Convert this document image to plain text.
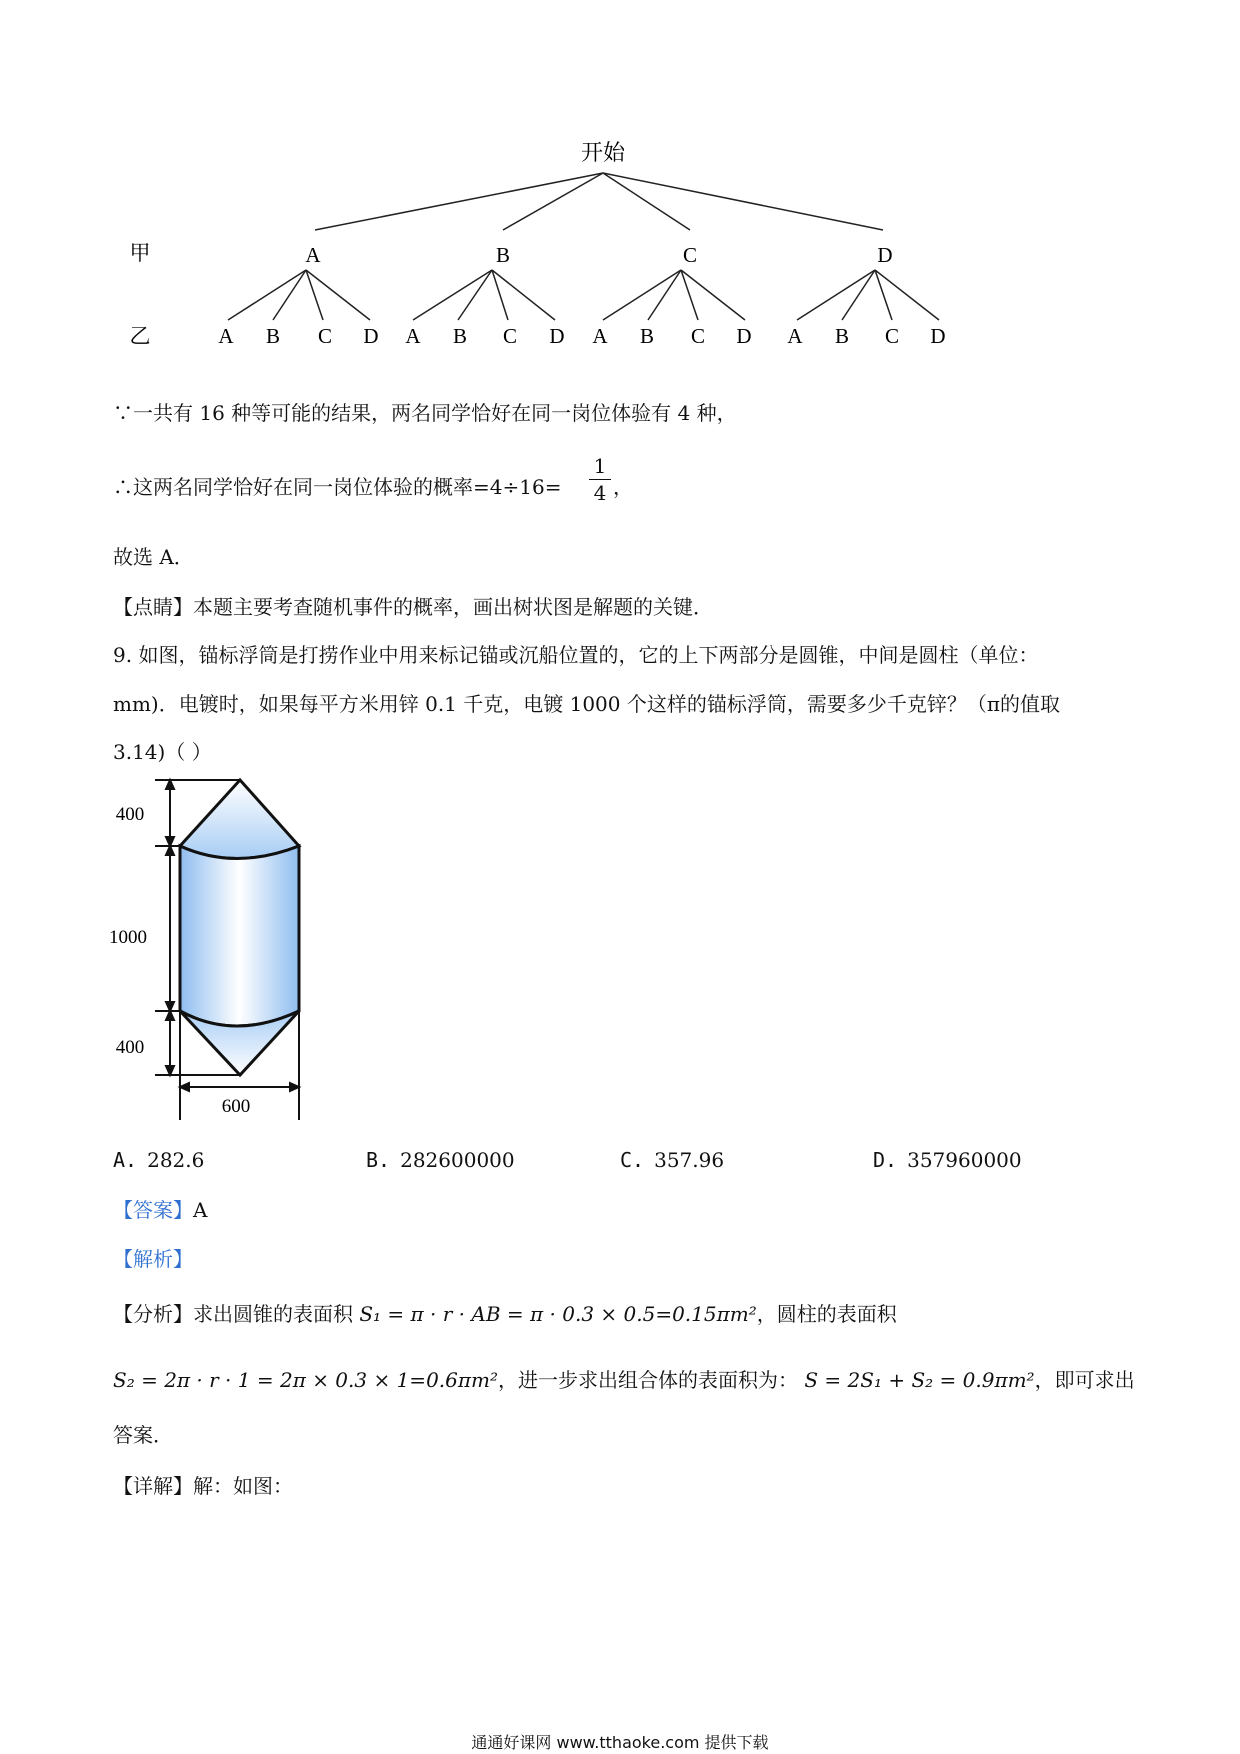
开始
甲
乙
A	B	C	D
A B C D A B C D A B C D A B C D
∵一共有 16 种等可能的结果，两名同学恰好在同一岗位体验有 4 种，
∴这两名同学恰好在同一岗位体验的概率=4÷16=
1
4 ，
故选 A．
【点睛】本题主要考查随机事件的概率，画出树状图是解题的关键．
9. 如图，锚标浮筒是打捞作业中用来标记锚或沉船位置的，它的上下两部分是圆锥，中间是圆柱（单位：
mm)．电镀时，如果每平方米用锌 0.1 千克，电镀 1000 个这样的锚标浮筒，需要多少千克锌？（π的值取
3.14)（ ）
400
1000
400
600
A. 282.6	B. 282600000	C. 357.96	D. 357960000
【答案】A
【解析】
【分析】求出圆锥的表面积 S₁ = π · r · AB = π · 0.3 × 0.5=0.15πm²，圆柱的表面积
S₂ = 2π · r · 1 = 2π × 0.3 × 1=0.6πm²，进一步求出组合体的表面积为： S = 2S₁ + S₂ = 0.9πm²，即可求出
答案．
【详解】解：如图：
通通好课网 www.tthaoke.com 提供下载
